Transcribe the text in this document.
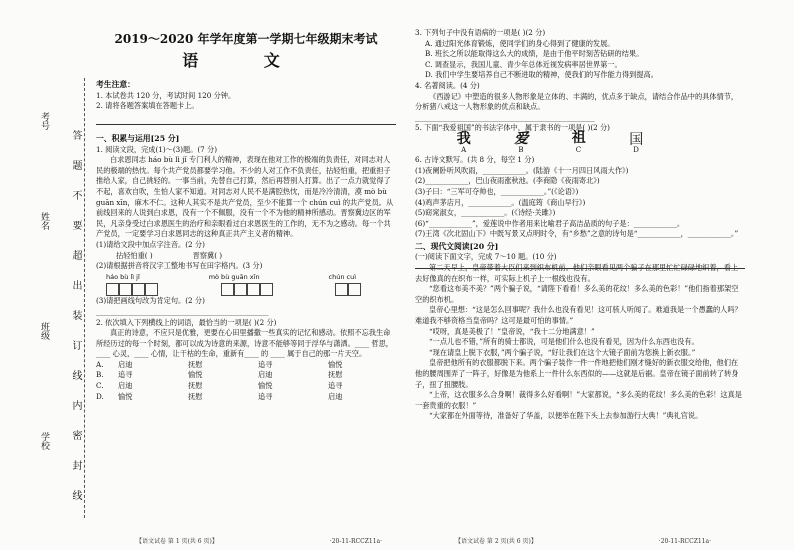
考号
姓名
班级
学校
答
题
不
要
超
出
装
订
线
内
密
封
线
2019～2020 年学年度第一学期七年级期末考试
语 文
考生注意：
1. 本试卷共 120 分，考试时间 120 分钟。
2. 请将各题答案填在答题卡上。
一、积累与运用[25 分]
1. 阅读文段，完成(1)～(3)题。(7 分)
白求恩同志 háo bù lì jǐ 专门利人的精神，表现在他对工作的极端的负责任，对同志对人民的极端的热忱。每个共产党员都要学习他。不少的人对工作不负责任，拈轻怕重，把重担子推给人家，自己挑轻的。一事当前，先替自己打算，然后再替别人打算。出了一点力就觉得了不起，喜欢自吹，生怕人家不知道。对同志对人民不是满腔热忱，而是冷冷清清，漠 mò bù guān xīn，麻木不仁。这种人其实不是共产党员，至少不能算一个 chún cuì 的共产党员。从前线回来的人说到白求恩，没有一个不佩服，没有一个不为他的精神所感动。晋察冀边区的军民，凡亲身受过白求恩医生的治疗和亲眼看过白求恩医生的工作的，无不为之感动。每一个共产党员，一定要学习白求恩同志的这种真正共产主义者的精神。
(1)请给文段中加点字注音。(2 分)
拈轻怕重( )	晋察冀( )
(2)请根据拼音将汉字工整地书写在田字格内。(3 分)
háo bù lì jǐ	mò bù guān xīn	chún cuì
(3)请把画线句改为肯定句。(2 分)
________________________________________________
2. 依次填入下列横线上的词语，最恰当的一项是( )(2 分)
真正的诗意，不应只是优雅，更要在心田里播撒一些真实的记忆和感动。依照不忘我生命所经历过的每一个时刻，都可以成为诗意的来源，诗意不能够等同于浮华与潇洒。____ 哲思，____ 心灵，____ 心情，让干枯的生命，重新有____ 的 ____ 属于自己的那一片天空。
A.	启迪	抚慰	追寻	愉悦
B.	追寻	愉悦	启迪	抚慰
C.	启迪	抚慰	愉悦	追寻
D.	愉悦	抚慰	追寻	启迪
【语文试卷 第 1 页(共 6 页)】	·20-11-RCCZ11a·
3. 下列句子中没有语病的一项是( )(2 分)
A. 通过阳光体育锻炼，使同学们的身心得到了健康的发展。
B. 班长之所以能取得这么大的成绩，是由于他平时刻苦钻研的结果。
C. 调查显示，我国儿童、青少年总体近视发病率居世界第一。
D. 我们中学生要培养自己不断进取的精神，使我们的写作能力得到提高。
4. 名著阅读。(4 分)
《西游记》中塑造的很多人物形象是立体的、丰满的，优点多于缺点，请结合作品中的具体情节，分析猪八戒这一人物形象的优点和缺点。
__________________________________________________
5. 下面“我爱祖国”的书法字体中，属于隶书的一项是( )(2 分)
我	爱	祖	国
A	B	C	D
6. 古诗文默写。(共 8 分，每空 1 分)
(1)夜阑卧听风吹雨，____________。(陆游《十一月四日风雨大作》)
(2)____________，巴山夜雨涨秋池。(李商隐《夜雨寄北》)
(3)子曰：“三军可夺帅也，____________。”(《论语》)
(4)鸡声茅店月，____________。(温庭筠《商山早行》)
(5)窈窕淑女，____________。(《诗经·关雎》)
(6)“____________”，爱莲说中作者用来比喻君子高洁品质的句子是：____________。
(7)王湾《次北固山下》中既写景又点明时令，有“乡愁”之意的诗句是“____________，____________。”
二、现代文阅读[20 分]
(一)阅读下面文字，完成 7～10 题。(10 分)
第二天早上，皇帝带着大臣们来到织布机前。他们亲眼看见两个骗子在那里忙忙碌碌地织着，看上去好像真的在织布一样，可实际上机子上一根线也没有。
“您看这布美不美？”两个骗子说，“请陛下看看！多么美的花纹！多么美的色彩！”他们指着那架空空的织布机。
皇帝心里想：“这是怎么回事呢？我什么也没有看见！这可骇人听闻了。难道我是一个愚蠢的人吗？难道我不够资格当皇帝吗？这可是最可怕的事情。”
“哎呀，真是美极了！”皇帝说，“我十二分地满意！”
“一点儿也不错，”所有的骑士都说，可是他们什么也没有看见，因为什么东西也没有。
“现在请皇上脱下衣服，”两个骗子说，“好让我们在这个大镜子面前为您换上新衣服。”
皇帝把他所有的衣服都脱下来。两个骗子装作一件一件地把他们刚才缝好的新衣服交给他，他们在他的腰周围弄了一阵子，好像是为他系上一件什么东西似的——这就是后裾。皇帝在镜子面前转了转身子，扭了扭腰肢。
“上帝，这衣服多么合身啊！裁得多么好看啊！”大家都说，“多么美的花纹！多么美的色彩！这真是一套贵重的衣服！”
“大家都在外面等待，准备好了华盖，以便举在陛下头上去参加游行大典！”典礼官说。
【语文试卷 第 2 页(共 6 页)】	·20-11-RCCZ11a·
